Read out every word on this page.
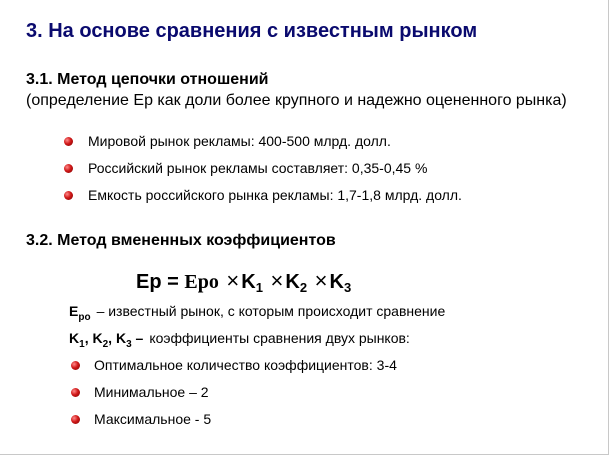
3. На основе сравнения с известным рынком
3.1. Метод цепочки отношений
(определение Ер как доли более крупного и надежно оцененного рынка)
Мировой рынок рекламы: 400-500 млрд. долл.
Российский рынок рекламы составляет: 0,35-0,45 %
Емкость российского рынка рекламы: 1,7-1,8 млрд. долл.
3.2. Метод вмененных коэффициентов
Ep = Epо × $K_1 \times K_2 \times K_3$
$E_{ро}$ – известный рынок, с которым происходит сравнение
$K_1$, $K_2$, $K_3$ – коэффициенты сравнения двух рынков:
Оптимальное количество коэффициентов: 3-4
Минимальное – 2
Максимальное - 5
